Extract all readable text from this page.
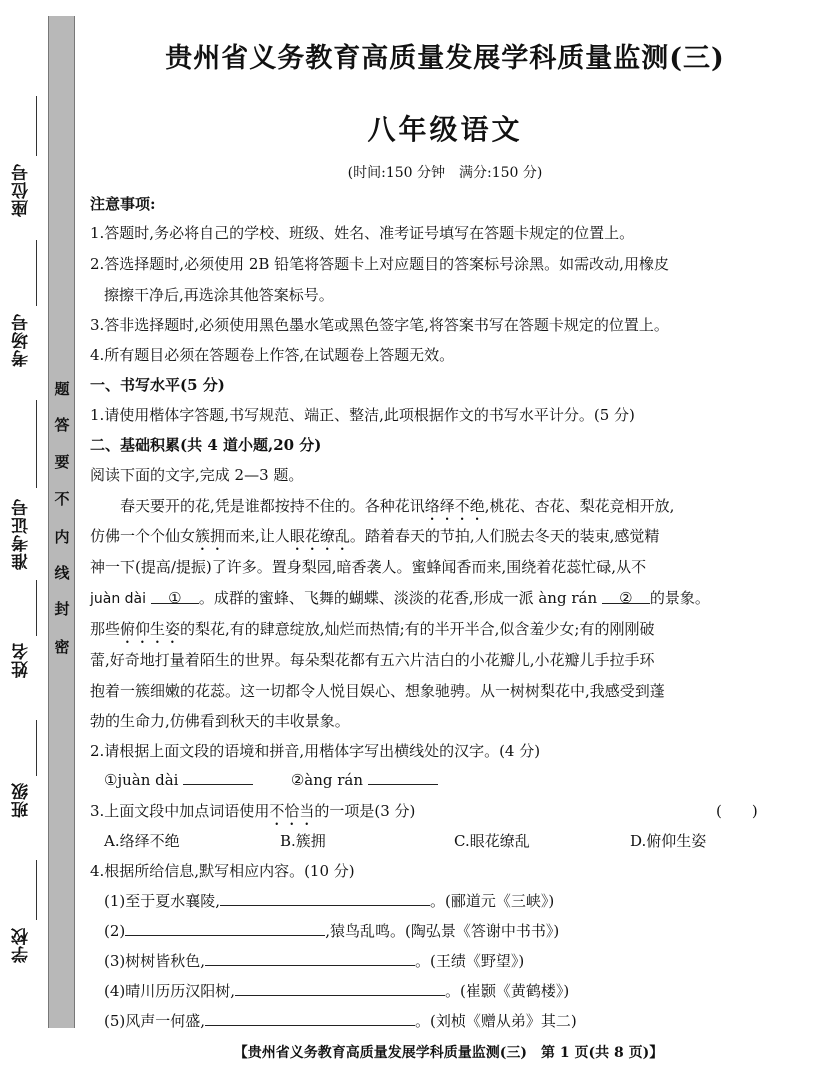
座位号
考场号
准考证号
姓名
班级
学校
题
答
要
不
内
线
封
密
贵州省义务教育高质量发展学科质量监测(三)
八年级语文
(时间:150 分钟　满分:150 分)
注意事项:
1.答题时,务必将自己的学校、班级、姓名、准考证号填写在答题卡规定的位置上。
2.答选择题时,必须使用 2B 铅笔将答题卡上对应题目的答案标号涂黑。如需改动,用橡皮
擦擦干净后,再选涂其他答案标号。
3.答非选择题时,必须使用黑色墨水笔或黑色签字笔,将答案书写在答题卡规定的位置上。
4.所有题目必须在答题卷上作答,在试题卷上答题无效。
一、书写水平(5 分)
1.请使用楷体字答题,书写规范、端正、整洁,此项根据作文的书写水平计分。(5 分)
二、基础积累(共 4 道小题,20 分)
阅读下面的文字,完成 2—3 题。
春天要开的花,凭是谁都按持不住的。各种花讯络绎不绝,桃花、杏花、梨花竞相开放,
仿佛一个个仙女簇拥而来,让人眼花缭乱。踏着春天的节拍,人们脱去冬天的装束,感觉精
神一下(提高/提振)了许多。置身梨园,暗香袭人。蜜蜂闻香而来,围绕着花蕊忙碌,从不
juàn dài ① 。成群的蜜蜂、飞舞的蝴蝶、淡淡的花香,形成一派 àng rán ② 的景象。
那些俯仰生姿的梨花,有的肆意绽放,灿烂而热情;有的半开半合,似含羞少女;有的刚刚破
蕾,好奇地打量着陌生的世界。每朵梨花都有五六片洁白的小花瓣儿,小花瓣儿手拉手环
抱着一簇细嫩的花蕊。这一切都令人悦目娱心、想象驰骋。从一树树梨花中,我感受到蓬
勃的生命力,仿佛看到秋天的丰收景象。
2.请根据上面文段的语境和拼音,用楷体字写出横线处的汉字。(4 分)
①juàn dài	②àng rán
3.上面文段中加点词语使用不恰当的一项是(3 分)	(　　)
A.络绎不绝	B.簇拥	C.眼花缭乱	D.俯仰生姿
4.根据所给信息,默写相应内容。(10 分)
(1)至于夏水襄陵,	。(郦道元《三峡》)
(2)	,猿鸟乱鸣。(陶弘景《答谢中书书》)
(3)树树皆秋色,	。(王绩《野望》)
(4)晴川历历汉阳树,	。(崔颢《黄鹤楼》)
(5)风声一何盛,	。(刘桢《赠从弟》其二)
【贵州省义务教育高质量发展学科质量监测(三)　第 1 页(共 8 页)】
